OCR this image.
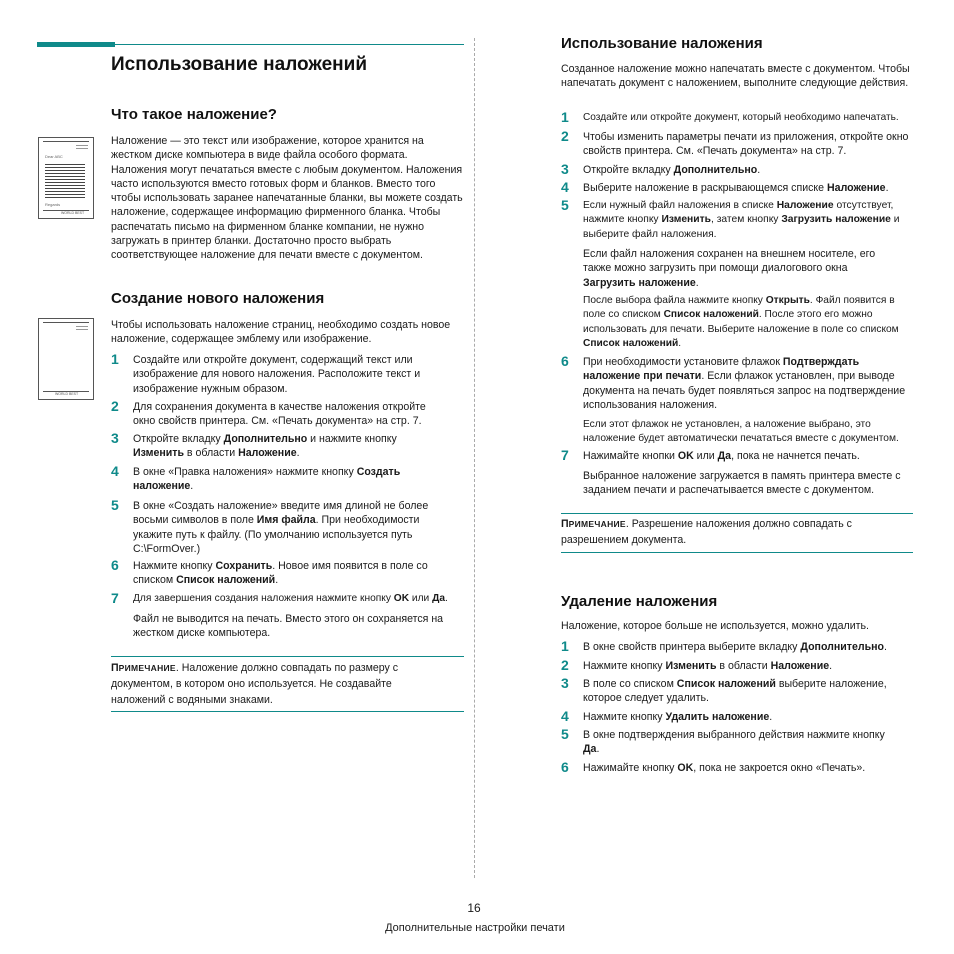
Использование наложений
Что такое наложение?
Dear ABC
Regards
WORLD BEST

Наложение — это текст или изображение, которое хранится на жестком диске компьютера в виде файла особого формата. Наложения могут печататься вместе с любым документом. Наложения часто используются вместо готовых форм и бланков. Вместо того чтобы использовать заранее напечатанные бланки, вы можете создать наложение, содержащее информацию фирменного бланка. Чтобы распечатать письмо на фирменном бланке компании, не нужно загружать в принтер бланки. Достаточно просто выбрать соответствующее наложение для печати вместе с документом.

Создание нового наложения
WORLD BEST

Чтобы использовать наложение страниц, необходимо создать новое наложение, содержащее эмблему или изображение.

1 Создайте или откройте документ, содержащий текст или изображение для нового наложения. Расположите текст и изображение нужным образом.

2 Для сохранения документа в качестве наложения откройте окно свойств принтера. См. «Печать документа» на стр. 7.

3 Откройте вкладку Дополнительно и нажмите кнопку Изменить в области Наложение.

4 В окне «Правка наложения» нажмите кнопку Создать наложение.

5 В окне «Создать наложение» введите имя длиной не более восьми символов в поле Имя файла. При необходимости укажите путь к файлу. (По умолчанию используется путь C:\FormOver.)

6 Нажмите кнопку Сохранить. Новое имя появится в поле со списком Список наложений.

7 Для завершения создания наложения нажмите кнопку OK или Да.

Файл не выводится на печать. Вместо этого он сохраняется на жестком диске компьютера.

ПРИМЕЧАНИЕ. Наложение должно совпадать по размеру с документом, в котором оно используется. Не создавайте наложений с водяными знаками.

Использование наложения

Созданное наложение можно напечатать вместе с документом. Чтобы напечатать документ с наложением, выполните следующие действия.

1 Создайте или откройте документ, который необходимо напечатать.

2 Чтобы изменить параметры печати из приложения, откройте окно свойств принтера. См. «Печать документа» на стр. 7.

3 Откройте вкладку Дополнительно.

4 Выберите наложение в раскрывающемся списке Наложение.

5 Если нужный файл наложения в списке Наложение отсутствует, нажмите кнопку Изменить, затем кнопку Загрузить наложение и выберите файл наложения.

Если файл наложения сохранен на внешнем носителе, его также можно загрузить при помощи диалогового окна Загрузить наложение.

После выбора файла нажмите кнопку Открыть. Файл появится в поле со списком Список наложений. После этого его можно использовать для печати. Выберите наложение в поле со списком Список наложений.

6 При необходимости установите флажок Подтверждать наложение при печати. Если флажок установлен, при выводе документа на печать будет появляться запрос на подтверждение использования наложения.

Если этот флажок не установлен, а наложение выбрано, это наложение будет автоматически печататься вместе с документом.

7 Нажимайте кнопки OK или Да, пока не начнется печать.

Выбранное наложение загружается в память принтера вместе с заданием печати и распечатывается вместе с документом.

ПРИМЕЧАНИЕ. Разрешение наложения должно совпадать с разрешением документа.

Удаление наложения

Наложение, которое больше не используется, можно удалить.

1 В окне свойств принтера выберите вкладку Дополнительно.

2 Нажмите кнопку Изменить в области Наложение.

3 В поле со списком Список наложений выберите наложение, которое следует удалить.

4 Нажмите кнопку Удалить наложение.

5 В окне подтверждения выбранного действия нажмите кнопку Да.

6 Нажимайте кнопку OK, пока не закроется окно «Печать».

16
Дополнительные настройки печати
